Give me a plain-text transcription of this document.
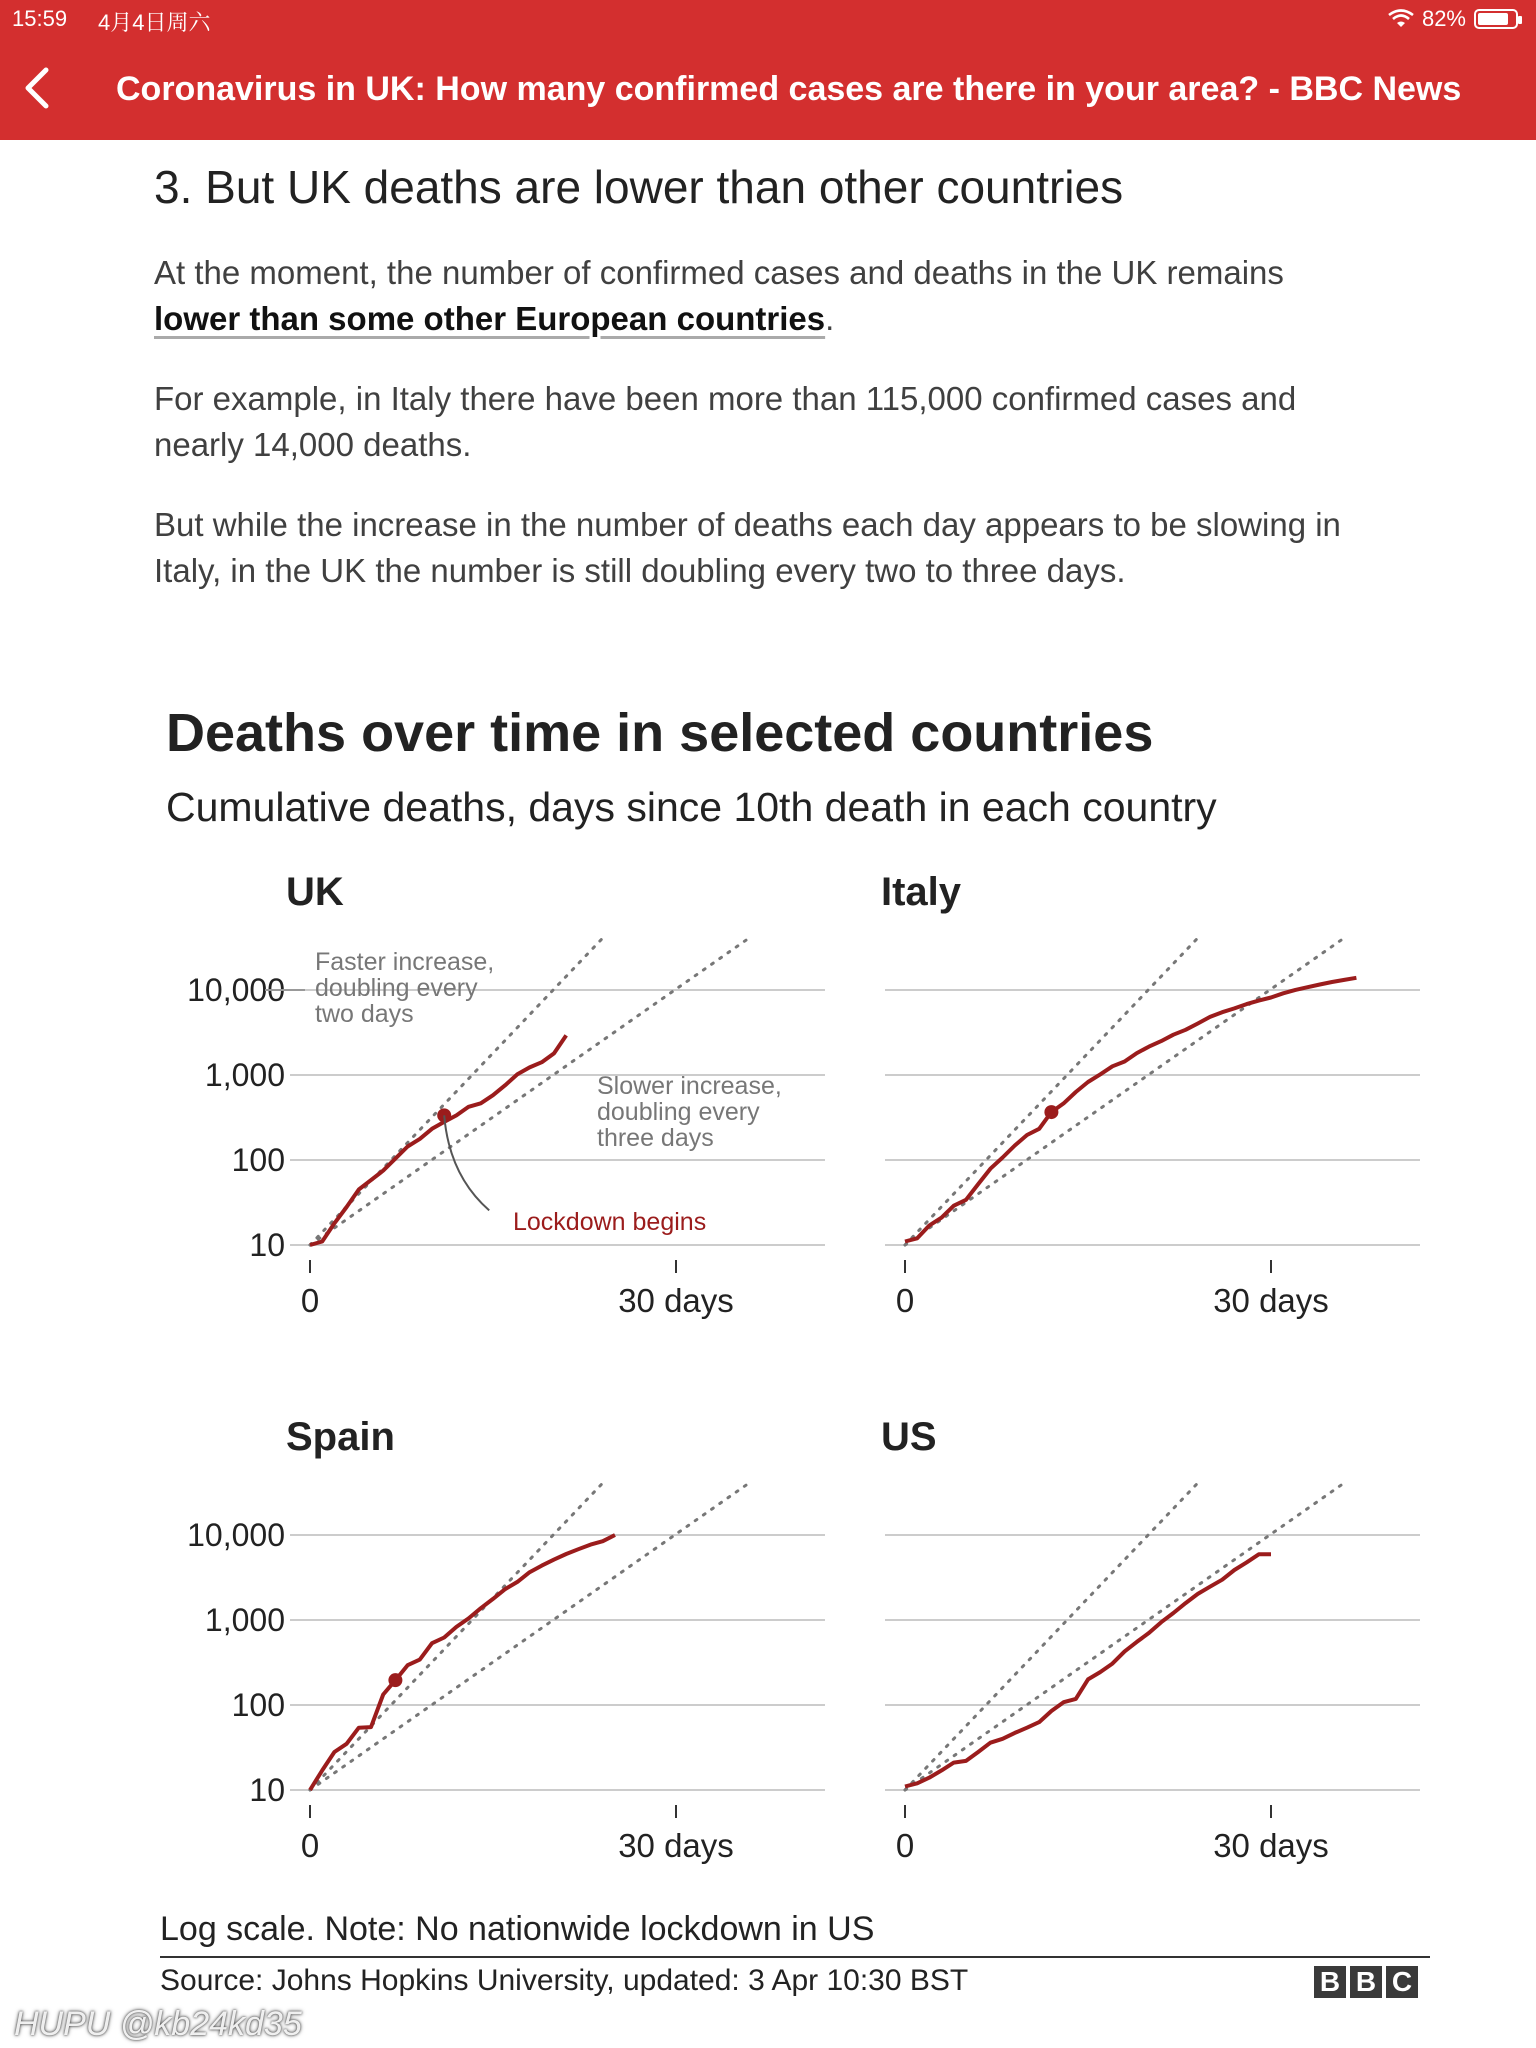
15:59 4月4日周六	82%
Coronavirus in UK: How many confirmed cases are there in your area? - BBC News
3. But UK deaths are lower than other countries

At the moment, the number of confirmed cases and deaths in the UK remains lower than some other European countries.

For example, in Italy there have been more than 115,000 confirmed cases and nearly 14,000 deaths.

But while the increase in the number of deaths each day appears to be slowing in Italy, in the UK the number is still doubling every two to three days.

Deaths over time in selected countries
Cumulative deaths, days since 10th death in each country
UK
10
100
1,000
10,000
0	30 days
Italy
0	30 days
Spain
10
100
1,000
10,000
0	30 days
US
0	30 days
Faster increase, doubling every two days
Slower increase, doubling every three days
Lockdown begins
Log scale. Note: No nationwide lockdown in US
Source: Johns Hopkins University, updated: 3 Apr 10:30 BST	B B C
HUPU @kb24kd35
